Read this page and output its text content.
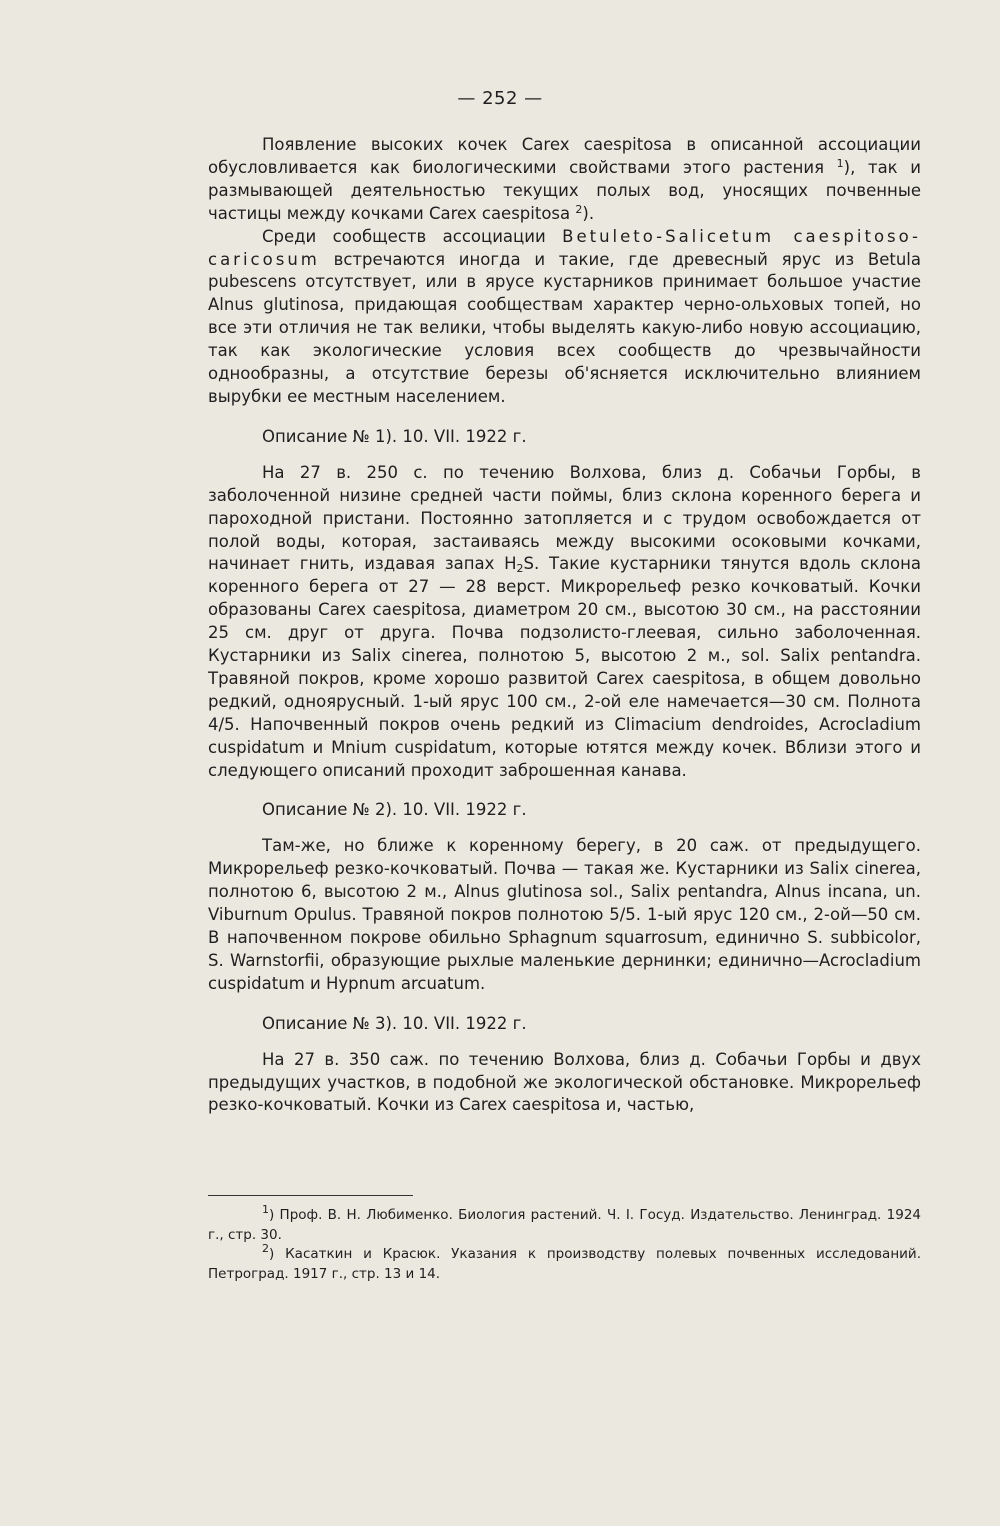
— 252 —

Появление высоких кочек Carex caespitosa в описанной ассоциации обусловливается как биологическими свойствами этого растения $^1$), так и размывающей деятельностью текущих полых вод, уносящих почвенные частицы между кочками Carex caespitosa $^2$).

Среди сообществ ассоциации Betuleto-Salicetum caespitoso-caricosum встречаются иногда и такие, где древесный ярус из Betula pubescens отсутствует, или в ярусе кустарников принимает большое участие Alnus glutinosa, придающая сообществам характер черно-ольховых топей, но все эти отличия не так велики, чтобы выделять какую-либо новую ассоциацию, так как экологические условия всех сообществ до чрезвычайности однообразны, а отсутствие березы об'ясняется исключительно влиянием вырубки ее местным населением.

Описание № 1). 10. VII. 1922 г.

На 27 в. 250 с. по течению Волхова, близ д. Собачьи Горбы, в заболоченной низине средней части поймы, близ склона коренного берега и пароходной пристани. Постоянно затопляется и с трудом освобождается от полой воды, которая, застаиваясь между высокими осоковыми кочками, начинает гнить, издавая запах $H_2S$. Такие кустарники тянутся вдоль склона коренного берега от 27 — 28 верст. Микрорельеф резко кочковатый. Кочки образованы Carex caespitosa, диаметром 20 см., высотою 30 см., на расстоянии 25 см. друг от друга. Почва подзолисто-глеевая, сильно заболоченная. Кустарники из Salix cinerea, полнотою 5, высотою 2 м., sol. Salix pentandra. Травяной покров, кроме хорошо развитой Carex caespitosa, в общем довольно редкий, одноярусный. 1-ый ярус 100 см., 2-ой еле намечается—30 см. Полнота 4/5. Напочвенный покров очень редкий из Climacium dendroides, Acrocladium cuspidatum и Mnium cuspidatum, которые ютятся между кочек. Вблизи этого и следующего описаний проходит заброшенная канава.

Описание № 2). 10. VII. 1922 г.

Там-же, но ближе к коренному берегу, в 20 саж. от предыдущего. Микрорельеф резко-кочковатый. Почва — такая же. Кустарники из Salix cinerea, полнотою 6, высотою 2 м., Alnus glutinosa sol., Salix pentandra, Alnus incana, un. Viburnum Opulus. Травяной покров полнотою 5/5. 1-ый ярус 120 см., 2-ой—50 см. В напочвенном покрове обильно Sphagnum squarrosum, единично S. subbicolor, S. Warnstorfii, образующие рыхлые маленькие дернинки; единично—Acrocladium cuspidatum и Hypnum arcuatum.

Описание № 3). 10. VII. 1922 г.

На 27 в. 350 саж. по течению Волхова, близ д. Собачьи Горбы и двух предыдущих участков, в подобной же экологической обстановке. Микрорельеф резко-кочковатый. Кочки из Carex caespitosa и, частью,

$^1$) Проф. В. Н. Любименко. Биология растений. Ч. I. Госуд. Издательство. Ленинград. 1924 г., стр. 30.

$^2$) Касаткин и Красюк. Указания к производству полевых почвенных исследований. Петроград. 1917 г., стр. 13 и 14.
